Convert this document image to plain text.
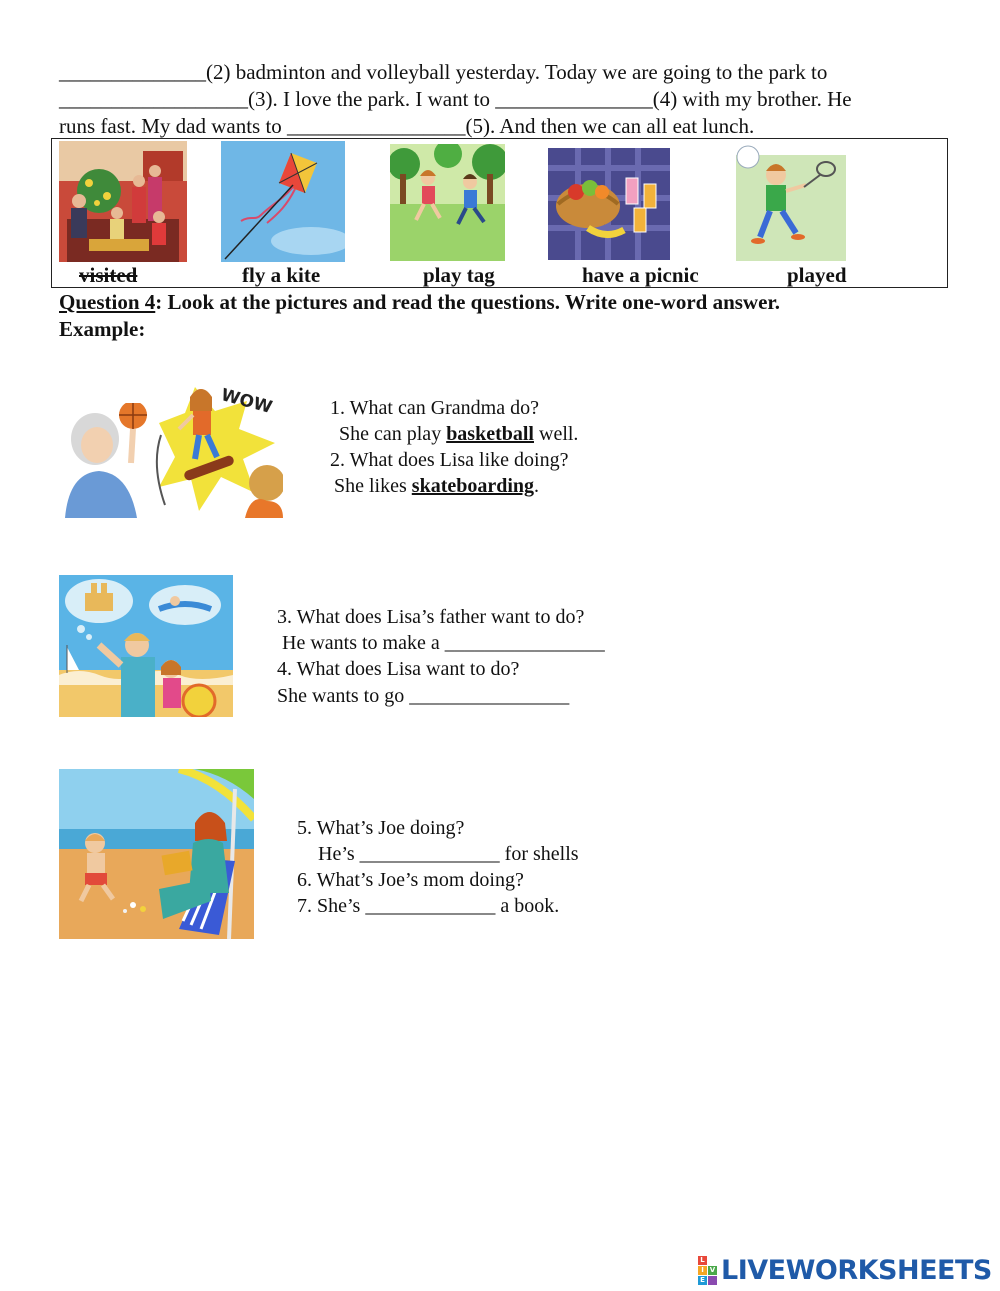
______________(2) badminton and volleyball yesterday. Today we are going to the park to
__________________(3). I love the park. I want to _______________(4) with my brother. He
runs fast. My dad wants to _________________(5). And then we can all eat lunch.
visited	fly a kite	play tag	have a picnic	played
Question 4: Look at the pictures and read the questions. Write one-word answer.
Example:
WOW	1. What can Grandma do?
She can play basketball well.
2. What does Lisa like doing?
She likes skateboarding.
3. What does Lisa’s father want to do?
He wants to make a ________________
4. What does Lisa want to do?
She wants to go ________________
5. What’s Joe doing?
He’s ______________ for shells
6. What’s Joe’s mom doing?
7. She’s _____________ a book.
L
I V
E LIVEWORKSHEETS
